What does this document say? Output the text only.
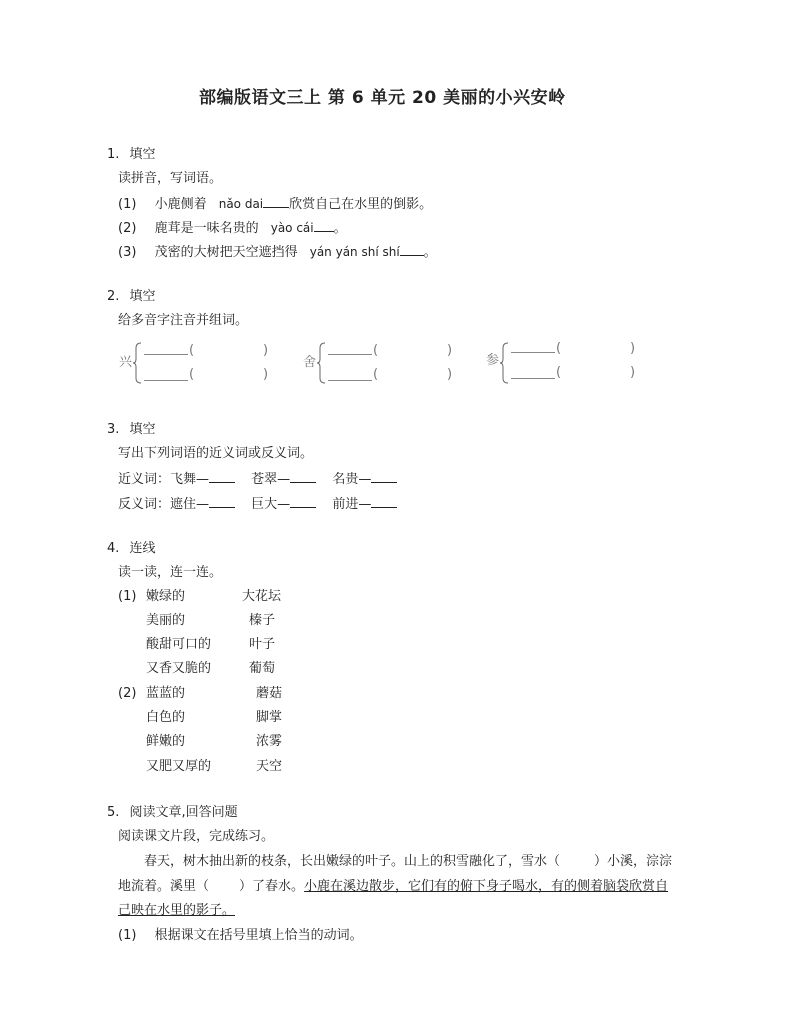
部编版语文三上 第 6 单元 20 美丽的小兴安岭
1. 填空
读拼音，写词语。
(1) 小鹿侧着 nǎo dai 欣赏自己在水里的倒影。
(2) 鹿茸是一味名贵的 yào cái 。
(3) 茂密的大树把天空遮挡得 yán yán shí shí 。
2. 填空
给多音字注音并组词。
兴
(	)
(	)
舍
(	)
(	)
参
(	)
(	)
3. 填空
写出下列词语的近义词或反义词。
近义词：飞舞—	苍翠—	名贵—
反义词：遮住—	巨大—	前进—
4. 连线
读一读，连一连。
(1) 嫩绿的	大花坛
美丽的	榛子
酸甜可口的	叶子
又香又脆的	葡萄
(2) 蓝蓝的	蘑菇
白色的	脚掌
鲜嫩的	浓雾
又肥又厚的	天空
5. 阅读文章,回答问题
阅读课文片段，完成练习。
春天，树木抽出新的枝条，长出嫩绿的叶子。山上的积雪融化了，雪水（	）小溪，淙淙
地流着。溪里（ ）了春水。小鹿在溪边散步，它们有的俯下身子喝水，有的侧着脑袋欣赏自
己映在水里的影子。
(1) 根据课文在括号里填上恰当的动词。
